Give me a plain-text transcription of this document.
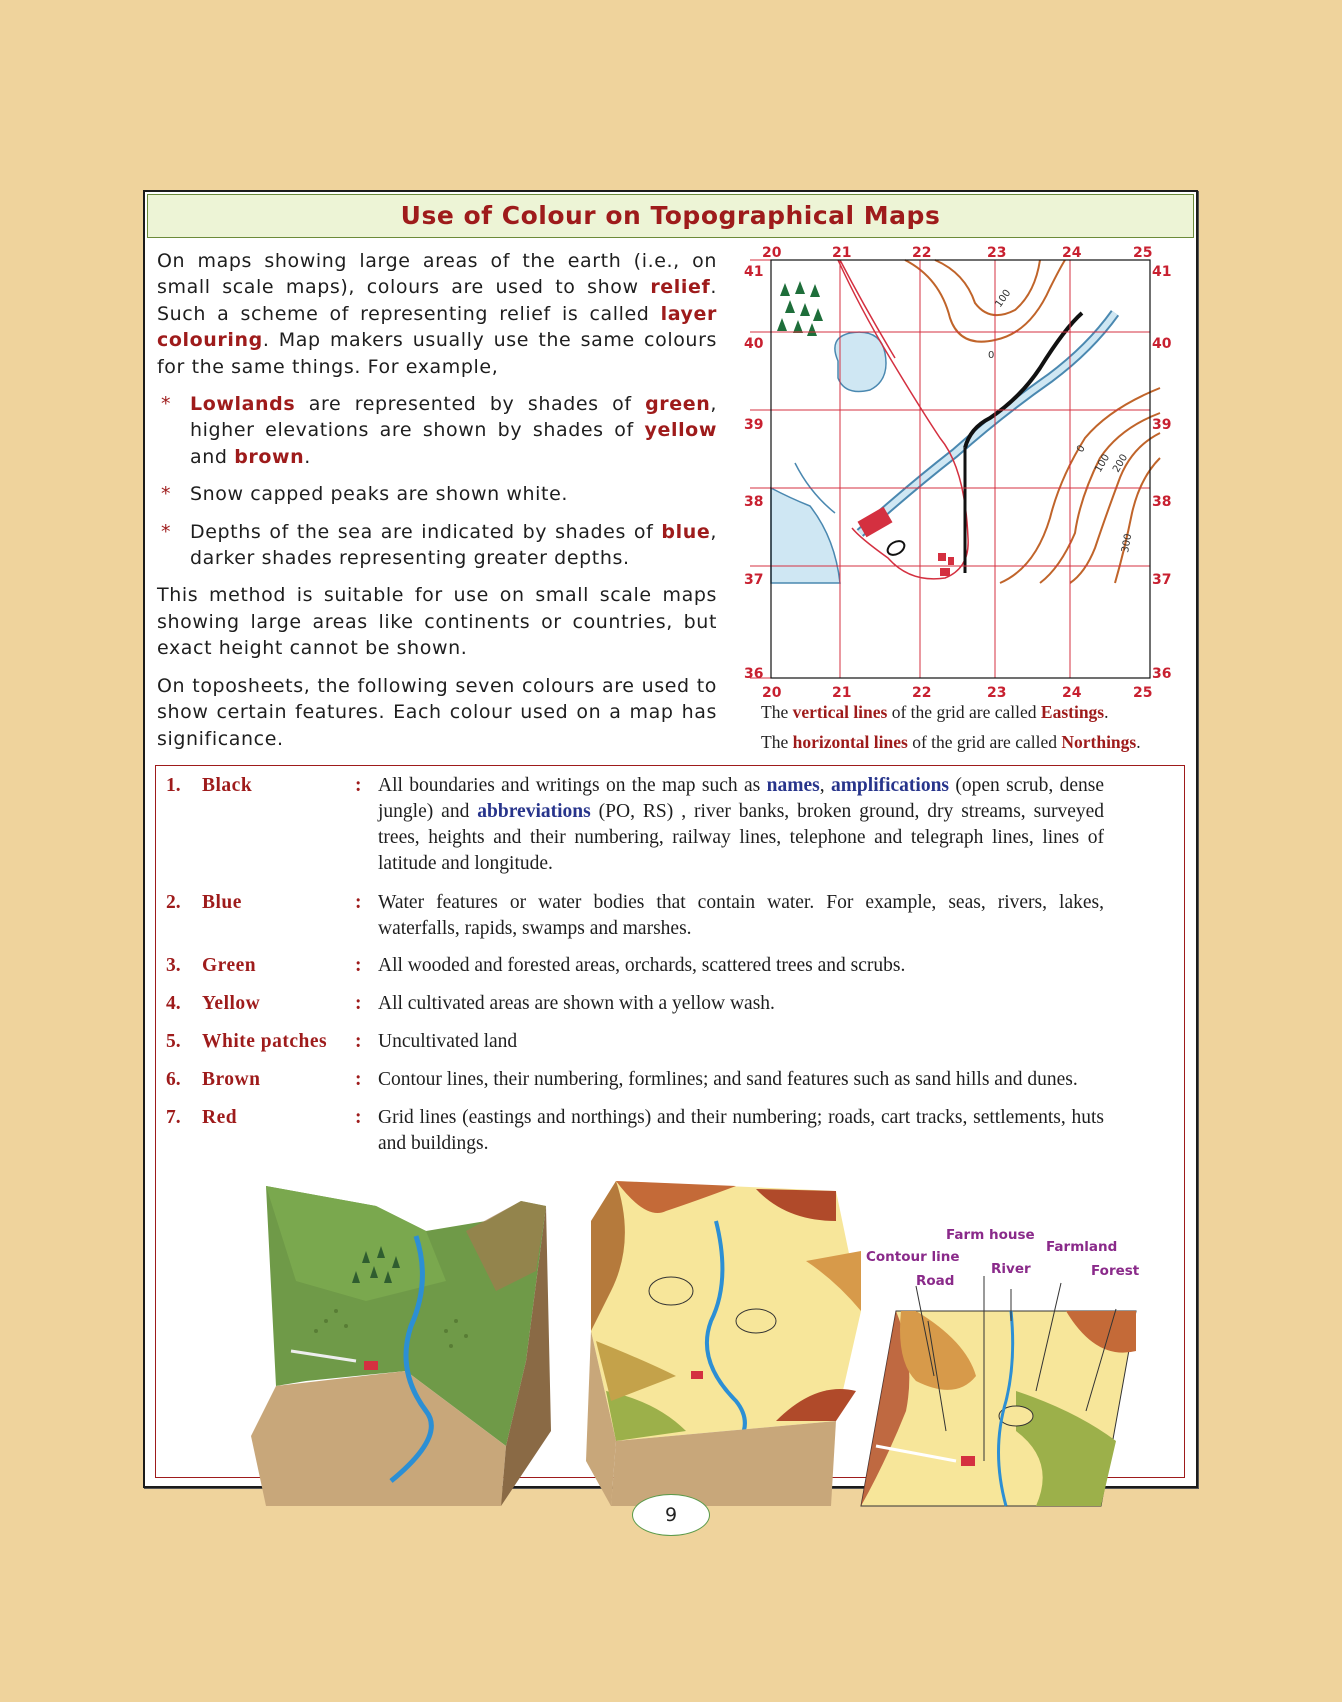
Use of Colour on Topographical Maps

On maps showing large areas of the earth (i.e., on small scale maps), colours are used to show relief. Such a scheme of representing relief is called layer colouring. Map makers usually use the same colours for the same things. For example,

* Lowlands are represented by shades of green, higher elevations are shown by shades of yellow and brown.
* Snow capped peaks are shown white.
* Depths of the sea are indicated by shades of blue, darker shades representing greater depths.

This method is suitable for use on small scale maps showing large areas like continents or countries, but exact height cannot be shown.

On toposheets, the following seven colours are used to show certain features. Each colour used on a map has significance.

20	21	22	23	24	25
41
40
39
38
37
41
40
39
38
37
100
0
0
100
200
300
36	36
20	21	22	23	24	25
The vertical lines of the grid are called Eastings.
The horizontal lines of the grid are called Northings.
1.	Black	: All boundaries and writings on the map such as names, amplifications (open scrub, dense jungle) and abbreviations (PO, RS) , river banks, broken ground, dry streams, surveyed trees, heights and their numbering, railway lines, telephone and telegraph lines, lines of latitude and longitude.
2.	Blue	: Water features or water bodies that contain water. For example, seas, rivers, lakes, waterfalls, rapids, swamps and marshes.
3.	Green	: All wooded and forested areas, orchards, scattered trees and scrubs.
4.	Yellow	: All cultivated areas are shown with a yellow wash.
5.	White patches	: Uncultivated land
6.	Brown	: Contour lines, their numbering, formlines; and sand features such as sand hills and dunes.
7.	Red	: Grid lines (eastings and northings) and their numbering; roads, cart tracks, settlements, huts and buildings.
Contour line
Road
Farm house
River
Farmland
Forest
9
